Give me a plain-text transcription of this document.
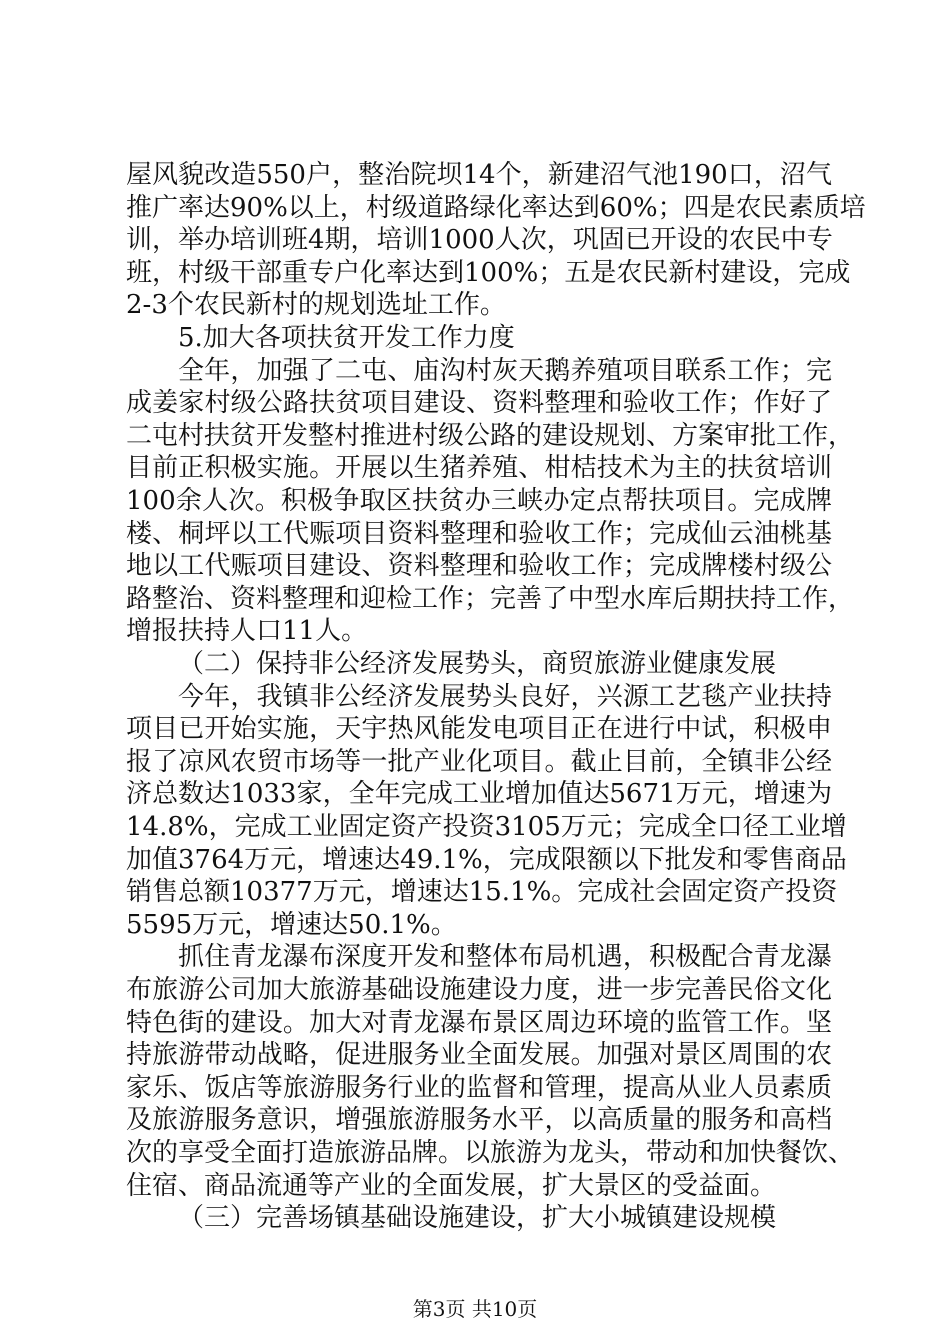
屋风貌改造550户，整治院坝14个，新建沼气池190口，沼气
推广率达90%以上，村级道路绿化率达到60%；四是农民素质培
训，举办培训班4期，培训1000人次，巩固已开设的农民中专
班，村级干部重专户化率达到100%；五是农民新村建设，完成
2-3个农民新村的规划选址工作。
5.加大各项扶贫开发工作力度
全年，加强了二屯、庙沟村灰天鹅养殖项目联系工作；完
成姜家村级公路扶贫项目建设、资料整理和验收工作；作好了
二屯村扶贫开发整村推进村级公路的建设规划、方案审批工作，
目前正积极实施。开展以生猪养殖、柑桔技术为主的扶贫培训
100余人次。积极争取区扶贫办三峡办定点帮扶项目。完成牌
楼、桐坪以工代赈项目资料整理和验收工作；完成仙云油桃基
地以工代赈项目建设、资料整理和验收工作；完成牌楼村级公
路整治、资料整理和迎检工作；完善了中型水库后期扶持工作，
增报扶持人口11人。
（二）保持非公经济发展势头，商贸旅游业健康发展
今年，我镇非公经济发展势头良好，兴源工艺毯产业扶持
项目已开始实施，天宇热风能发电项目正在进行中试，积极申
报了凉风农贸市场等一批产业化项目。截止目前，全镇非公经
济总数达1033家，全年完成工业增加值达5671万元，增速为
14.8%，完成工业固定资产投资3105万元；完成全口径工业增
加值3764万元，增速达49.1%，完成限额以下批发和零售商品
销售总额10377万元，增速达15.1%。完成社会固定资产投资
5595万元，增速达50.1%。
抓住青龙瀑布深度开发和整体布局机遇，积极配合青龙瀑
布旅游公司加大旅游基础设施建设力度，进一步完善民俗文化
特色街的建设。加大对青龙瀑布景区周边环境的监管工作。坚
持旅游带动战略，促进服务业全面发展。加强对景区周围的农
家乐、饭店等旅游服务行业的监督和管理，提高从业人员素质
及旅游服务意识，增强旅游服务水平，以高质量的服务和高档
次的享受全面打造旅游品牌。以旅游为龙头，带动和加快餐饮、
住宿、商品流通等产业的全面发展，扩大景区的受益面。
（三）完善场镇基础设施建设，扩大小城镇建设规模
第3页 共10页
